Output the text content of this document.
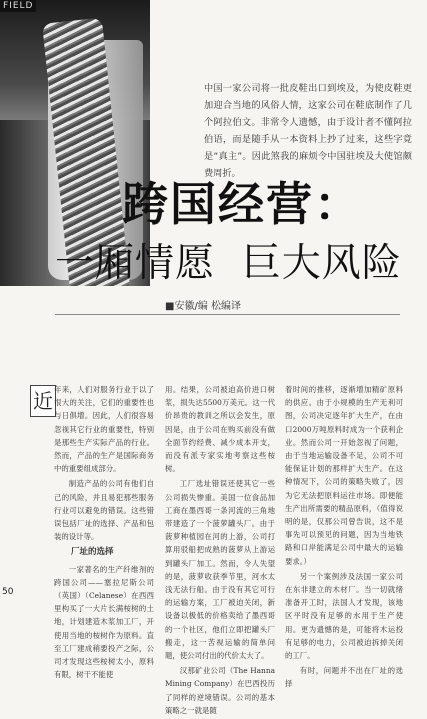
FIELD
中国一家公司将一批皮鞋出口到埃及，为使皮鞋更加迎合当地的风俗人情，这家公司在鞋底制作了几个阿拉伯文。非常令人遗憾，由于设计者不懂阿拉伯语，而是随手从一本资料上抄了过来，这些字竟是“真主”。因此煞我的麻烦令中国驻埃及大使馆颇费周折。
跨国经营：
一厢情愿  巨大风险
■安徽/编 松编译
近 年来，人们对服务行业于以了很大的关注，它们的重要性也与日俱增。因此，人们很容易忽视其它行业的重要性，特别是那些生产实际产品的行业。然而，产品的生产是国际商务中的重要组成部分。

制造产品的公司有他们自己的风险，并且易犯那些服务行业可以避免的错误。这些错误包括厂址的选择、产品和包装的设计等。

厂址的选择

一家著名的生产纤维剂的跨国公司——塞拉尼斯公司（英国）（Celanese）在西西里构买了一大片长满桉树的土地，计划建造木浆加工厂，开使用当地的桉树作为原料。直至工厂建成稍要投产之际，公司才发现这些桉树太小，原料有限，树干不能使

用。结果，公司被迫高价进口树浆，损失达5500万美元。这一代价昂贵的教训之所以会发生，原因是，由于公司在购买前没有做全面节约经费、减少成本开支，而没有派专家实地考察这些桉树。

工厂选址错误还使其它一些公司损失惨重。美国一位食品加工商在墨西哥一条河流的三角地带建造了一个菠萝罐头厂。由于菠萝种植园在河的上游，公司打算用驳船把成熟的菠萝从上游运到罐头厂加工。然而，令人失望的是，菠萝收获季节里，河水太浅无法行船。由于没有其它可行的运输方案，工厂被迫关闭，新设备以极低的价格卖给了墨西哥的一个社区，他们立即把罐头厂搬走，这一苦视运输的简单问题，使公司付出的代价太大了。

汉那矿业公司（The Hanna Mining Company）在巴西投历了同样的逆境错误。公司的基本策略之一就是随

着时间的推移，逐渐增加精矿原料的供应。由于小规模的生产无利可图，公司决定逐年扩大生产，在由口2000万吨原料时成为一个获利企业。然而公司一开始忽视了问题，由于当地运输设备不足，公司不可能保证计划的那样扩大生产。在这种情况下，公司的策略失败了，因为它无法把原料运往市场。即便能生产出所需要的精品原料，（值得说明的是，仅那公司曾告说，这不是事先可以预见的问题，因为当地铁路和口岸能满足公司中最大的运输要求。）

另一个案例涉及法国一家公司在东非建立的木材厂。当一切就绪准备开工时，法国人才发现，该地区平时没有足够的水用于生产使用。更为遗憾的是，可能将木运投有足够的电力，公司被迫拆掉关闭的工厂。

有时，问题并不出在厂址的选择

50
